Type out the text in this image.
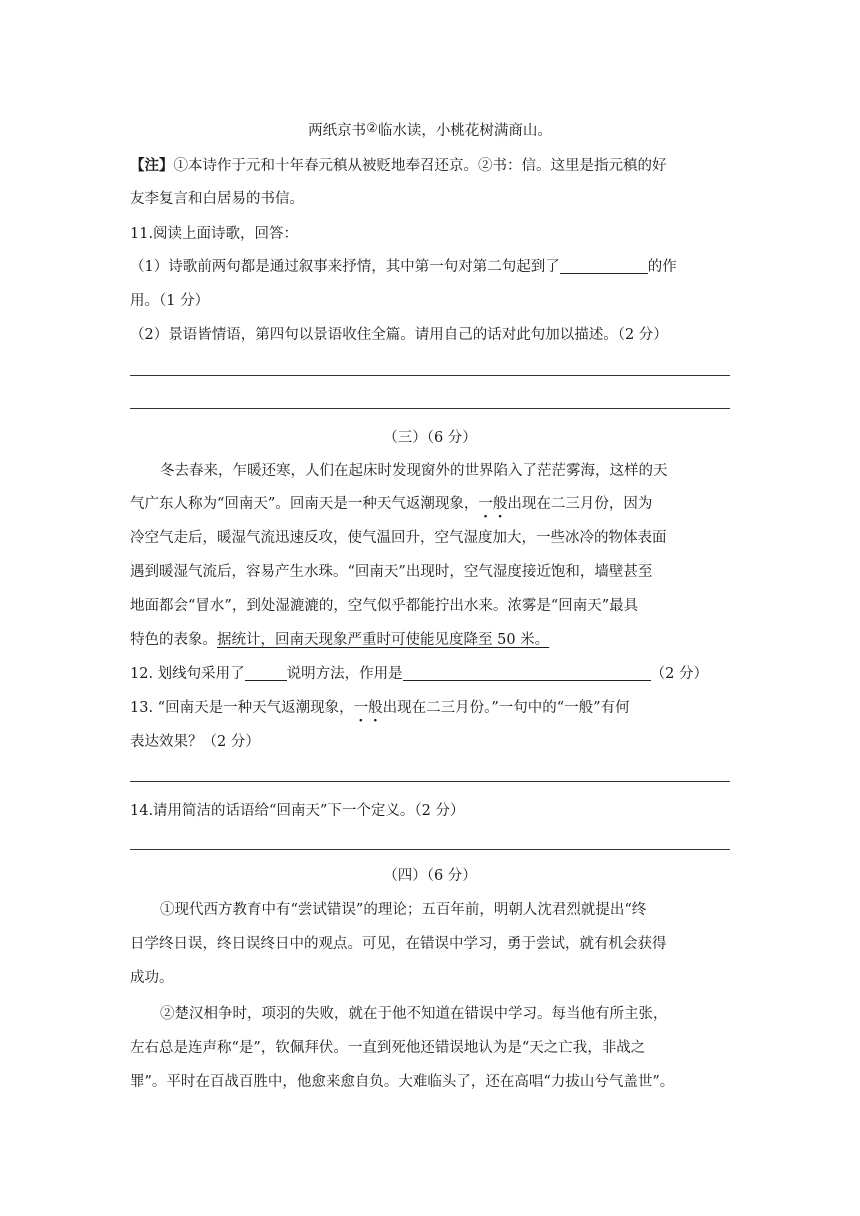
两纸京书②临水读，小桃花树满商山。
【注】①本诗作于元和十年春元稹从被贬地奉召还京。②书：信。这里是指元稹的好
友李复言和白居易的书信。
11.阅读上面诗歌，回答：
（1）诗歌前两句都是通过叙事来抒情，其中第一句对第二句起到了	的作
用。（1 分）
（2）景语皆情语，第四句以景语收住全篇。请用自己的话对此句加以描述。（2 分）
（三）（6 分）
冬去春来，乍暖还寒，人们在起床时发现窗外的世界陷入了茫茫雾海，这样的天
气广东人称为“回南天”。回南天是一种天气返潮现象，一般出现在二三月份，因为
冷空气走后，暖湿气流迅速反攻，使气温回升，空气湿度加大，一些冰冷的物体表面
遇到暖湿气流后，容易产生水珠。“回南天”出现时，空气湿度接近饱和，墙壁甚至
地面都会“冒水”，到处湿漉漉的，空气似乎都能拧出水来。浓雾是“回南天”最具
特色的表象。据统计，回南天现象严重时可使能见度降至 50 米。
12. 划线句采用了	说明方法，作用是	（2 分）
13. “回南天是一种天气返潮现象，一般出现在二三月份。”一句中的“一般”有何
表达效果？（2 分）
14.请用简洁的话语给“回南天”下一个定义。（2 分）
（四）（6 分）
①现代西方教育中有“尝试错误”的理论；五百年前，明朝人沈君烈就提出“终
日学终日误，终日误终日中的观点。可见，在错误中学习，勇于尝试，就有机会获得
成功。
②楚汉相争时，项羽的失败，就在于他不知道在错误中学习。每当他有所主张，
左右总是连声称“是”，钦佩拜伏。一直到死他还错误地认为是“天之亡我，非战之
罪”。平时在百战百胜中，他愈来愈自负。大难临头了，还在高唱“力拔山兮气盖世”。
